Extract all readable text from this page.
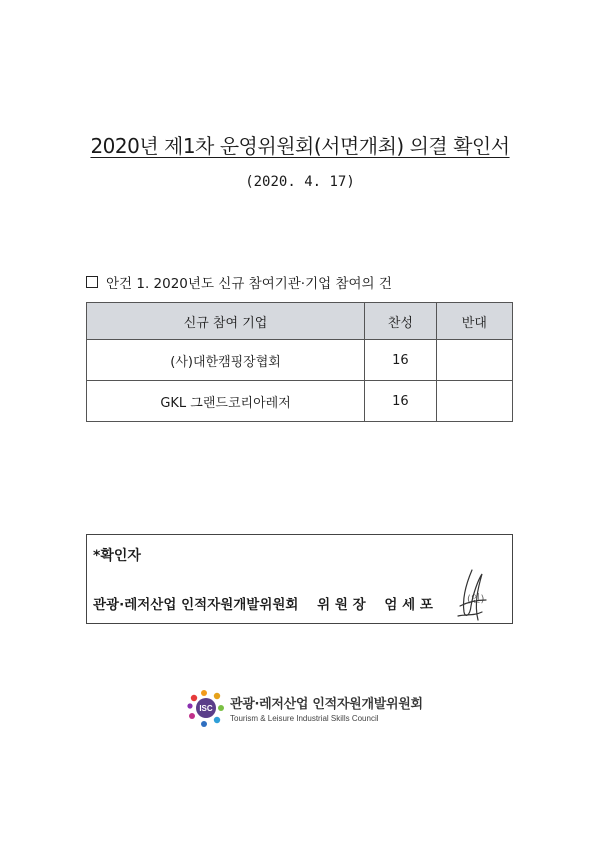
2020년 제1차 운영위원회(서면개최) 의결 확인서
(2020. 4. 17)
안건 1. 2020년도 신규 참여기관·기업 참여의 건
신규 참여 기업	찬성	반대
(사)대한캠핑장협회	16	
GKL 그랜드코리아레저	16	
*확인자
관광·레저산업 인적자원개발위원회 위 원 장 엄 세 포	(인)
ISC 관광·레저산업 인적자원개발위원회
Tourism & Leisure Industrial Skills Council
